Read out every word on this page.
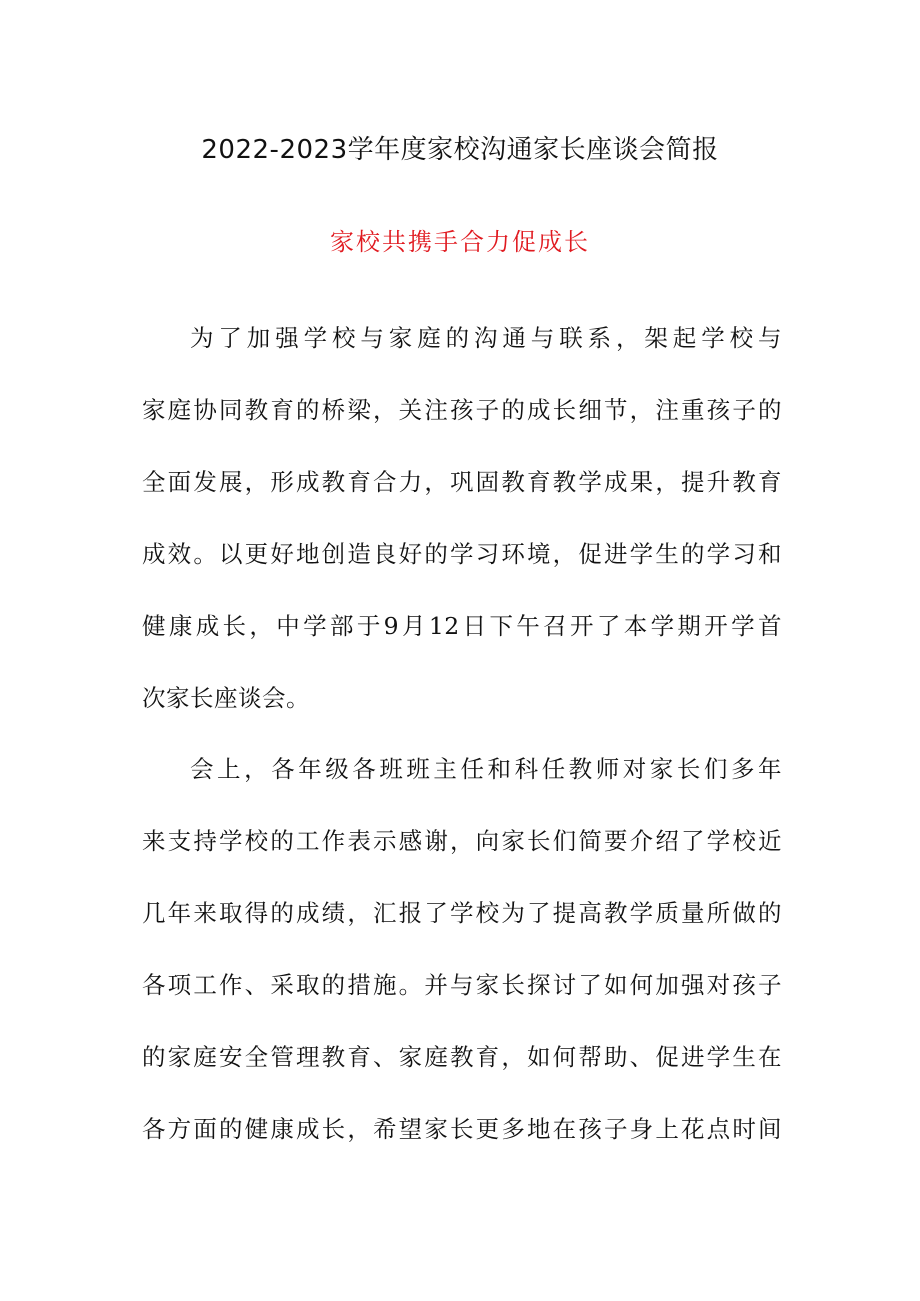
2022-2023学年度家校沟通家长座谈会简报
家校共携手合力促成长
为了加强学校与家庭的沟通与联系，架起学校与
家庭协同教育的桥梁，关注孩子的成长细节，注重孩子的
全面发展，形成教育合力，巩固教育教学成果，提升教育
成效。以更好地创造良好的学习环境，促进学生的学习和
健康成长，中学部于9月12日下午召开了本学期开学首
次家长座谈会。
会上，各年级各班班主任和科任教师对家长们多年
来支持学校的工作表示感谢，向家长们简要介绍了学校近
几年来取得的成绩，汇报了学校为了提高教学质量所做的
各项工作、采取的措施。并与家长探讨了如何加强对孩子
的家庭安全管理教育、家庭教育，如何帮助、促进学生在
各方面的健康成长，希望家长更多地在孩子身上花点时间
